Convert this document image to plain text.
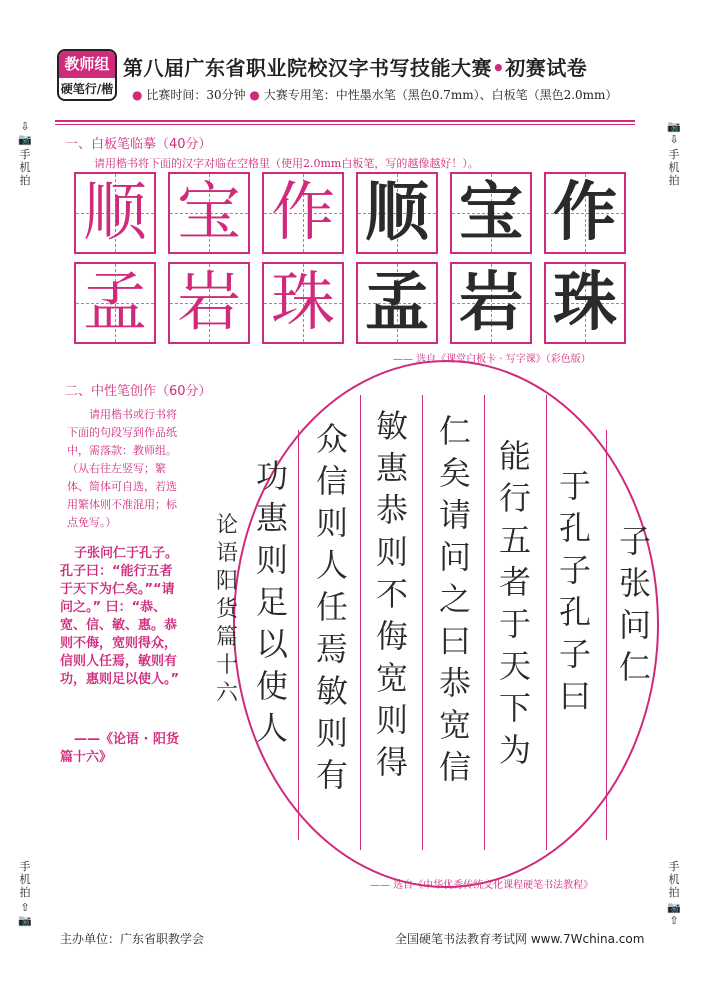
教师组
硬笔行/楷
第八届广东省职业院校汉字书写技能大赛•初赛试卷
● 比赛时间：30分钟 ● 大赛专用笔：中性墨水笔（黑色0.7mm）、白板笔（黑色2.0mm）
⇩📷
手机拍
📷⇩
手机拍
手机拍
⇧📷
手机拍
📷⇧
一、白板笔临摹（40分）
请用楷书将下面的汉字对临在空格里（使用2.0mm白板笔，写的越像越好！）。
顺 宝 作 顺 宝 作
孟 岩 珠 孟 岩 珠
—— 选自《课堂白板卡 · 写字课》（彩色版）
二、中性笔创作（60分）
请用楷书或行书将下面的句段写到作品纸中，需落款：教师组。（从右往左竖写；繁体、简体可自选，若选用繁体则不准混用；标点免写。）
子张问仁于孔子。孔子曰：“能行五者于天下为仁矣。”“请问之。” 曰：“恭、宽、信、敏、惠。恭则不侮，宽则得众，信则人任焉，敏则有功，惠则足以使人。”
——《论语 · 阳货篇十六》
子张问仁
于孔子孔子曰
能行五者于天下为
仁矣请问之曰恭宽信
敏惠恭则不侮宽则得
众信则人任焉敏则有
功惠则足以使人
论语阳货篇十六
—— 选自《中华优秀传统文化课程硬笔书法教程》
主办单位：广东省职教学会	全国硬笔书法教育考试网 www.7Wchina.com
